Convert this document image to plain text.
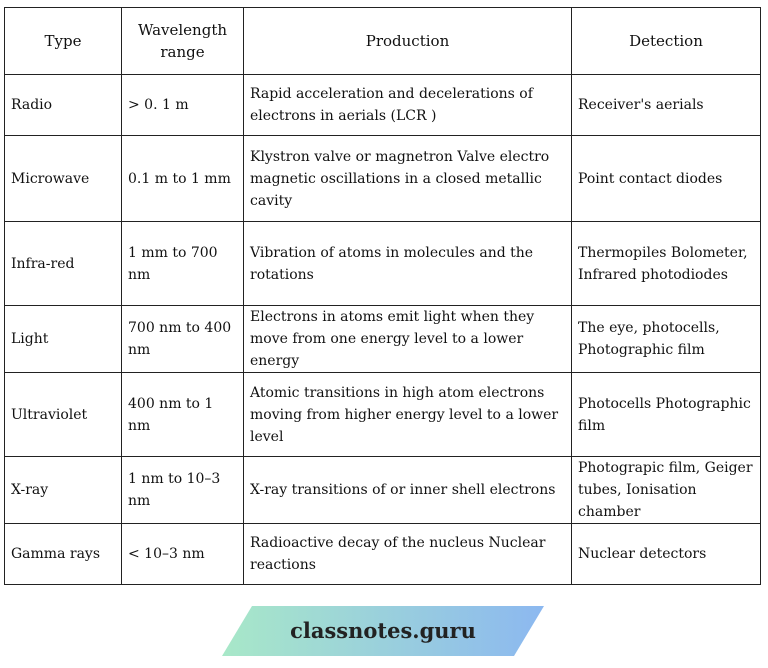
Type	Wavelength range	Production	Detection
Radio	> 0. 1 m	Rapid acceleration and decelerations of electrons in aerials (LCR )	Receiver's aerials
Microwave	0.1 m to 1 mm	Klystron valve or magnetron Valve electro magnetic oscillations in a closed metallic cavity	Point contact diodes
Infra-red	1 mm to 700 nm	Vibration of atoms in molecules and the rotations	Thermopiles Bolometer, Infrared photodiodes
Light	700 nm to 400 nm	Electrons in atoms emit light when they move from one energy level to a lower energy	The eye, photocells, Photographic film
Ultraviolet	400 nm to 1 nm	Atomic transitions in high atom electrons moving from higher energy level to a lower level	Photocells Photographic film
X-ray	1 nm to 10–3 nm	X-ray transitions of or inner shell electrons	Photograpic film, Geiger tubes, Ionisation chamber
Gamma rays	< 10–3 nm	Radioactive decay of the nucleus Nuclear reactions	Nuclear detectors
classnotes.guru
